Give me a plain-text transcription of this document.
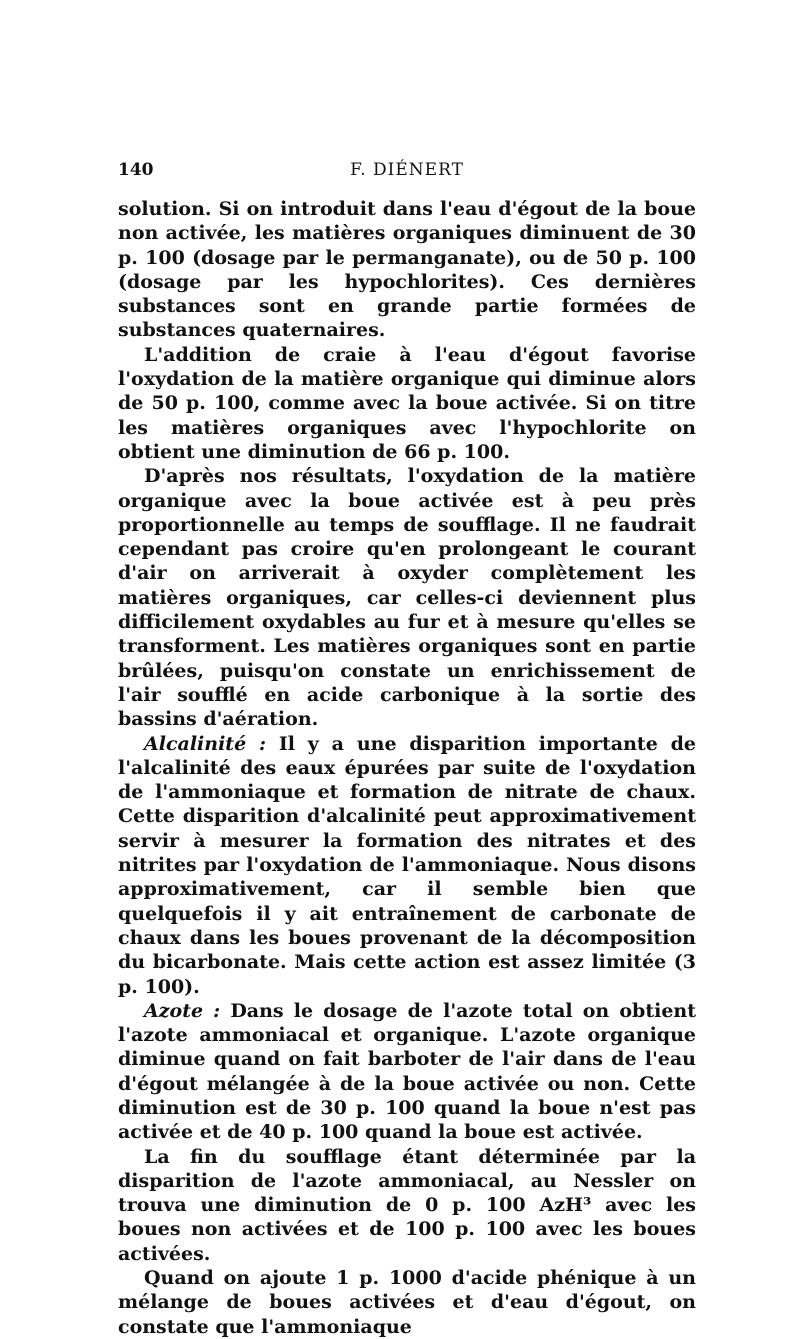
140	F. DIÉNERT

solution. Si on introduit dans l'eau d'égout de la boue non activée, les matières organiques diminuent de 30 p. 100 (dosage par le permanganate), ou de 50 p. 100 (dosage par les hypochlorites). Ces dernières substances sont en grande partie formées de substances quaternaires.

L'addition de craie à l'eau d'égout favorise l'oxydation de la matière organique qui diminue alors de 50 p. 100, comme avec la boue activée. Si on titre les matières organiques avec l'hypochlorite on obtient une diminution de 66 p. 100.

D'après nos résultats, l'oxydation de la matière organique avec la boue activée est à peu près proportionnelle au temps de soufflage. Il ne faudrait cependant pas croire qu'en prolongeant le courant d'air on arriverait à oxyder complètement les matières organiques, car celles-ci deviennent plus difficilement oxydables au fur et à mesure qu'elles se transforment. Les matières organiques sont en partie brûlées, puisqu'on constate un enrichissement de l'air soufflé en acide carbonique à la sortie des bassins d'aération.

Alcalinité : Il y a une disparition importante de l'alcalinité des eaux épurées par suite de l'oxydation de l'ammoniaque et formation de nitrate de chaux. Cette disparition d'alcalinité peut approximativement servir à mesurer la formation des nitrates et des nitrites par l'oxydation de l'ammoniaque. Nous disons approximativement, car il semble bien que quelquefois il y ait entraînement de carbonate de chaux dans les boues provenant de la décomposition du bicarbonate. Mais cette action est assez limitée (3 p. 100).

Azote : Dans le dosage de l'azote total on obtient l'azote ammoniacal et organique. L'azote organique diminue quand on fait barboter de l'air dans de l'eau d'égout mélangée à de la boue activée ou non. Cette diminution est de 30 p. 100 quand la boue n'est pas activée et de 40 p. 100 quand la boue est activée.

La fin du soufflage étant déterminée par la disparition de l'azote ammoniacal, au Nessler on trouva une diminution de 0 p. 100 AzH³ avec les boues non activées et de 100 p. 100 avec les boues activées.

Quand on ajoute 1 p. 1000 d'acide phénique à un mélange de boues activées et d'eau d'égout, on constate que l'ammoniaque
